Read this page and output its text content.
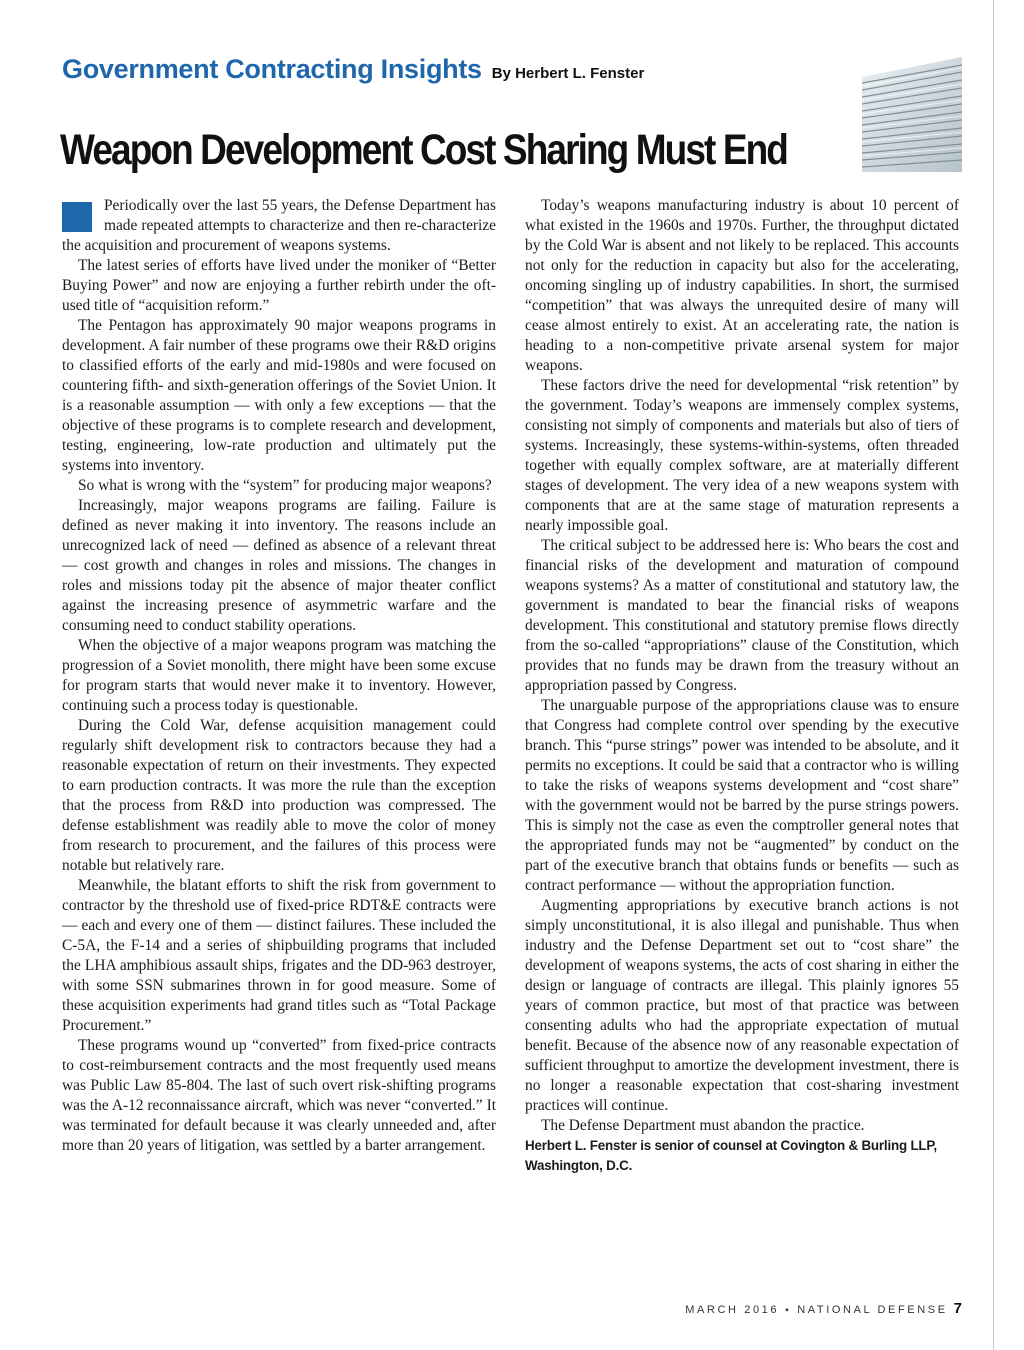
Government Contracting Insights By Herbert L. Fenster
Weapon Development Cost Sharing Must End

Periodically over the last 55 years, the Defense Department has made repeated attempts to characterize and then re-characterize the acquisition and procurement of weapons systems.

The latest series of efforts have lived under the moniker of “Better Buying Power” and now are enjoying a further rebirth under the oft-used title of “acquisition reform.”

The Pentagon has approximately 90 major weapons programs in development. A fair number of these programs owe their R&D origins to classified efforts of the early and mid-1980s and were focused on countering fifth- and sixth-generation offerings of the Soviet Union. It is a reasonable assumption — with only a few exceptions — that the objective of these programs is to complete research and development, testing, engineering, low-rate production and ultimately put the systems into inventory.

So what is wrong with the “system” for producing major weapons?

Increasingly, major weapons programs are failing. Failure is defined as never making it into inventory. The reasons include an unrecognized lack of need — defined as absence of a relevant threat — cost growth and changes in roles and missions. The changes in roles and missions today pit the absence of major theater conflict against the increasing presence of asymmetric warfare and the consuming need to conduct stability operations.

When the objective of a major weapons program was matching the progression of a Soviet monolith, there might have been some excuse for program starts that would never make it to inventory. However, continuing such a process today is questionable.

During the Cold War, defense acquisition management could regularly shift development risk to contractors because they had a reasonable expectation of return on their investments. They expected to earn production contracts. It was more the rule than the exception that the process from R&D into production was compressed. The defense establishment was readily able to move the color of money from research to procurement, and the failures of this process were notable but relatively rare.

Meanwhile, the blatant efforts to shift the risk from government to contractor by the threshold use of fixed-price RDT&E contracts were — each and every one of them — distinct failures. These included the C-5A, the F-14 and a series of shipbuilding programs that included the LHA amphibious assault ships, frigates and the DD-963 destroyer, with some SSN submarines thrown in for good measure. Some of these acquisition experiments had grand titles such as “Total Package Procurement.”

These programs wound up “converted” from fixed-price contracts to cost-reimbursement contracts and the most frequently used means was Public Law 85-804. The last of such overt risk-shifting programs was the A-12 reconnaissance aircraft, which was never “converted.” It was terminated for default because it was clearly unneeded and, after more than 20 years of litigation, was settled by a barter arrangement.

Today’s weapons manufacturing industry is about 10 percent of what existed in the 1960s and 1970s. Further, the throughput dictated by the Cold War is absent and not likely to be replaced. This accounts not only for the reduction in capacity but also for the accelerating, oncoming singling up of industry capabilities. In short, the surmised “competition” that was always the unrequited desire of many will cease almost entirely to exist. At an accelerating rate, the nation is heading to a non-competitive private arsenal system for major weapons.

These factors drive the need for developmental “risk retention” by the government. Today’s weapons are immensely complex systems, consisting not simply of components and materials but also of tiers of systems. Increasingly, these systems-within-systems, often threaded together with equally complex software, are at materially different stages of development. The very idea of a new weapons system with components that are at the same stage of maturation represents a nearly impossible goal.

The critical subject to be addressed here is: Who bears the cost and financial risks of the development and maturation of compound weapons systems? As a matter of constitutional and statutory law, the government is mandated to bear the financial risks of weapons development. This constitutional and statutory premise flows directly from the so-called “appropriations” clause of the Constitution, which provides that no funds may be drawn from the treasury without an appropriation passed by Congress.

The unarguable purpose of the appropriations clause was to ensure that Congress had complete control over spending by the executive branch. This “purse strings” power was intended to be absolute, and it permits no exceptions. It could be said that a contractor who is willing to take the risks of weapons systems development and “cost share” with the government would not be barred by the purse strings powers. This is simply not the case as even the comptroller general notes that the appropriated funds may not be “augmented” by conduct on the part of the executive branch that obtains funds or benefits — such as contract performance — without the appropriation function.

Augmenting appropriations by executive branch actions is not simply unconstitutional, it is also illegal and punishable. Thus when industry and the Defense Department set out to “cost share” the development of weapons systems, the acts of cost sharing in either the design or language of contracts are illegal. This plainly ignores 55 years of common practice, but most of that practice was between consenting adults who had the appropriate expectation of mutual benefit. Because of the absence now of any reasonable expectation of sufficient throughput to amortize the development investment, there is no longer a reasonable expectation that cost-sharing investment practices will continue.

The Defense Department must abandon the practice.

Herbert L. Fenster is senior of counsel at Covington & Burling LLP, Washington, D.C.

MARCH 2016 ▪ NATIONAL DEFENSE 7
